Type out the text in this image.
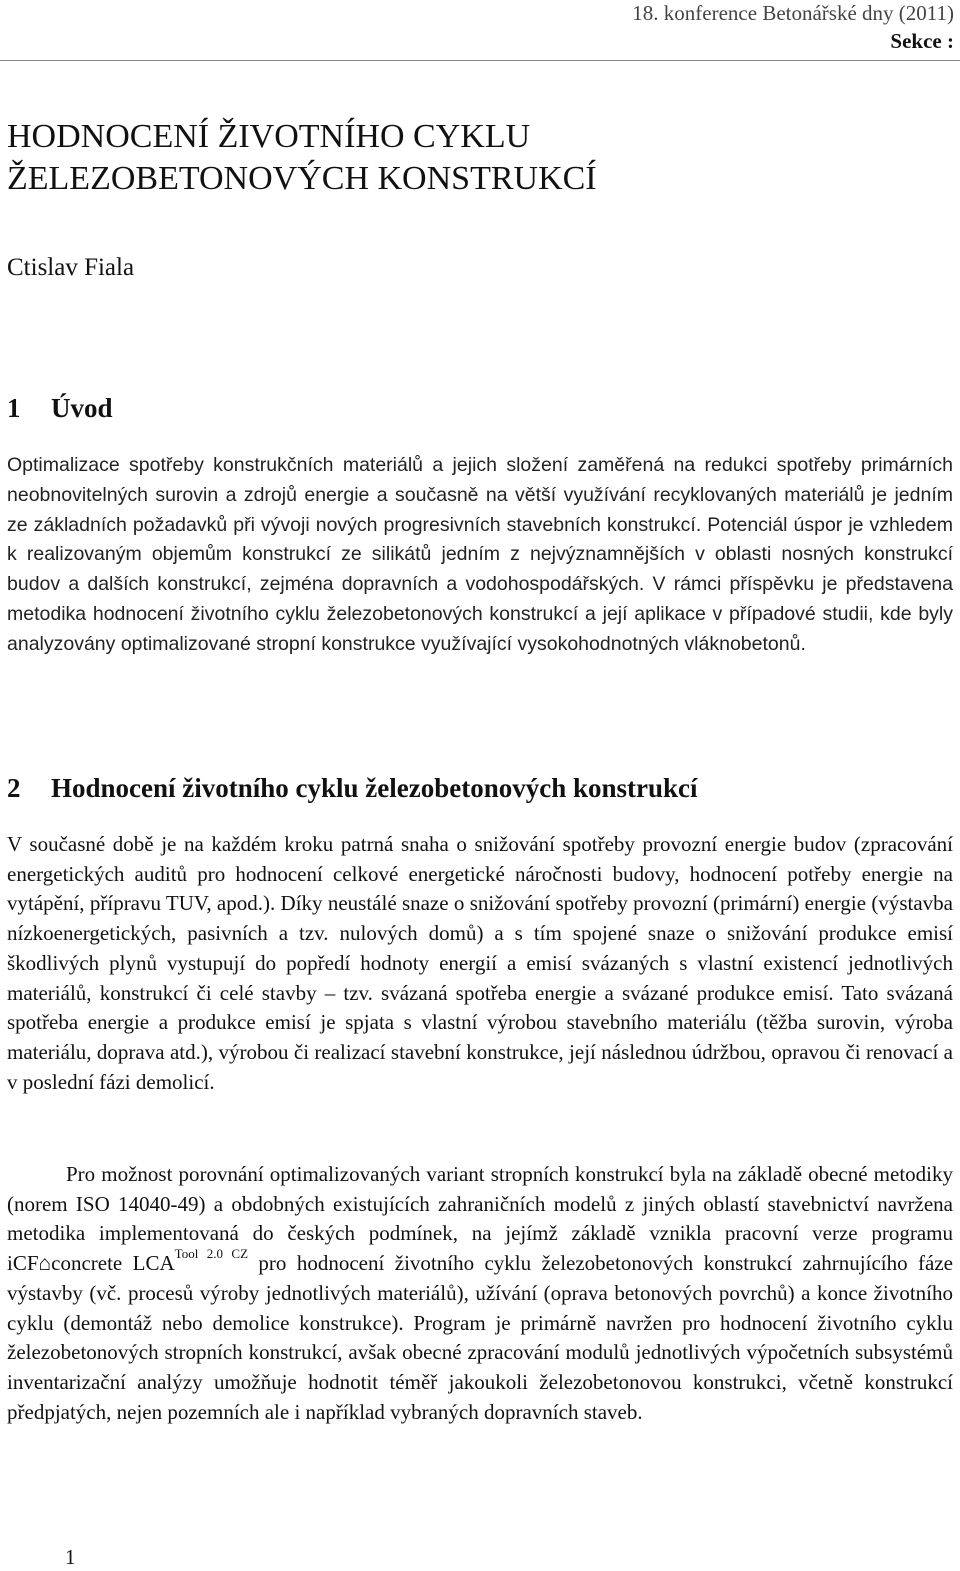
18. konference Betonářské dny (2011)
Sekce :
HODNOCENÍ ŽIVOTNÍHO CYKLU
ŽELEZOBETONOVÝCH KONSTRUKCÍ
Ctislav Fiala
1 Úvod

Optimalizace spotřeby konstrukčních materiálů a jejich složení zaměřená na redukci spotřeby primárních neobnovitelných surovin a zdrojů energie a současně na větší využívání recyklovaných materiálů je jedním ze základních požadavků při vývoji nových progresivních stavebních konstrukcí. Potenciál úspor je vzhledem k realizovaným objemům konstrukcí ze silikátů jedním z nejvýznamnějších v oblasti nosných konstrukcí budov a dalších konstrukcí, zejména dopravních a vodohospodářských. V rámci příspěvku je představena metodika hodnocení životního cyklu železobetonových konstrukcí a její aplikace v případové studii, kde byly analyzovány optimalizované stropní konstrukce využívající vysokohodnotných vláknobetonů.

2 Hodnocení životního cyklu železobetonových konstrukcí

V současné době je na každém kroku patrná snaha o snižování spotřeby provozní energie budov (zpracování energetických auditů pro hodnocení celkové energetické náročnosti budovy, hodnocení potřeby energie na vytápění, přípravu TUV, apod.). Díky neustálé snaze o snižování spotřeby provozní (primární) energie (výstavba nízkoenergetických, pasivních a tzv. nulových domů) a s tím spojené snaze o snižování produkce emisí škodlivých plynů vystupují do popředí hodnoty energií a emisí svázaných s vlastní existencí jednotlivých materiálů, konstrukcí či celé stavby – tzv. svázaná spotřeba energie a svázané produkce emisí. Tato svázaná spotřeba energie a produkce emisí je spjata s vlastní výrobou stavebního materiálu (těžba surovin, výroba materiálu, doprava atd.), výrobou či realizací stavební konstrukce, její následnou údržbou, opravou či renovací a v poslední fázi demolicí.

Pro možnost porovnání optimalizovaných variant stropních konstrukcí byla na základě obecné metodiky (norem ISO 14040-49) a obdobných existujících zahraničních modelů z jiných oblastí stavebnictví navržena metodika implementovaná do českých podmínek, na jejímž základě vznikla pracovní verze programu iCF⌂concrete $LCA^{Tool 2.0 CZ}$ pro hodnocení životního cyklu železobetonových konstrukcí zahrnujícího fáze výstavby (vč. procesů výroby jednotlivých materiálů), užívání (oprava betonových povrchů) a konce životního cyklu (demontáž nebo demolice konstrukce). Program je primárně navržen pro hodnocení životního cyklu železobetonových stropních konstrukcí, avšak obecné zpracování modulů jednotlivých výpočetních subsystémů inventarizační analýzy umožňuje hodnotit téměř jakoukoli železobetonovou konstrukci, včetně konstrukcí předpjatých, nejen pozemních ale i například vybraných dopravních staveb.

1
